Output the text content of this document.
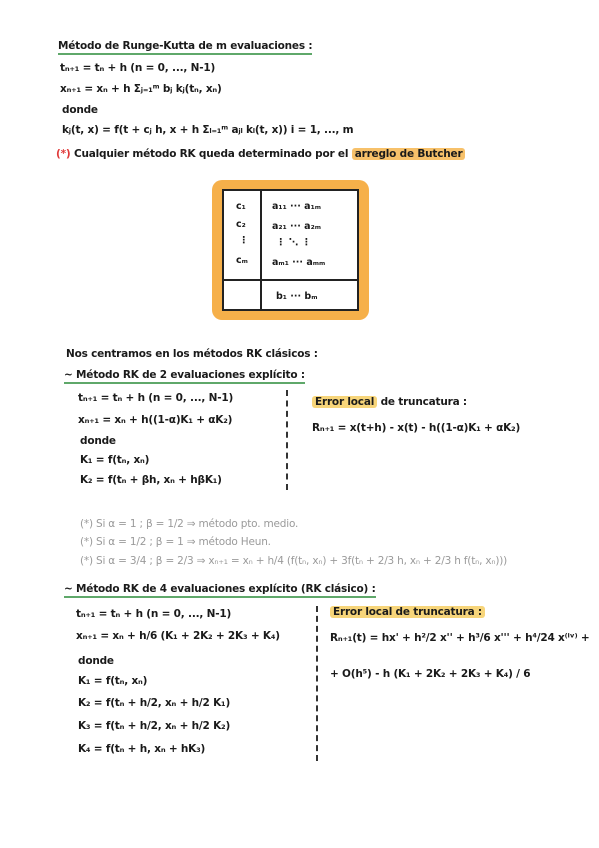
Método de Runge-Kutta de m evaluaciones :
tₙ₊₁ = tₙ + h (n = 0, ..., N-1)
xₙ₊₁ = xₙ + h Σⱼ₌₁ᵐ bⱼ kⱼ(tₙ, xₙ)
donde
kⱼ(t, x) = f(t + cⱼ h, x + h Σₗ₌₁ᵐ aⱼₗ kₗ(t, x)) i = 1, ..., m
(*) Cualquier método RK queda determinado por el arreglo de Butcher
c₁
c₂
⋮
cₘ
a₁₁ ··· a₁ₘ
a₂₁ ··· a₂ₘ
⋮ ⋱ ⋮
aₘ₁ ··· aₘₘ
b₁ ··· bₘ
Nos centramos en los métodos RK clásicos :
~ Método RK de 2 evaluaciones explícito :
tₙ₊₁ = tₙ + h (n = 0, ..., N-1)
xₙ₊₁ = xₙ + h((1-α)K₁ + αK₂)
donde
K₁ = f(tₙ, xₙ)
K₂ = f(tₙ + βh, xₙ + hβK₁)
Error local de truncatura :
Rₙ₊₁ = x(t+h) - x(t) - h((1-α)K₁ + αK₂)
(*) Si α = 1 ; β = 1/2 ⇒ método pto. medio.
(*) Si α = 1/2 ; β = 1 ⇒ método Heun.
(*) Si α = 3/4 ; β = 2/3 ⇒ xₙ₊₁ = xₙ + h/4 (f(tₙ, xₙ) + 3f(tₙ + 2/3 h, xₙ + 2/3 h f(tₙ, xₙ)))
~ Método RK de 4 evaluaciones explícito (RK clásico) :
tₙ₊₁ = tₙ + h (n = 0, ..., N-1)
xₙ₊₁ = xₙ + h/6 (K₁ + 2K₂ + 2K₃ + K₄)
donde
K₁ = f(tₙ, xₙ)
K₂ = f(tₙ + h/2, xₙ + h/2 K₁)
K₃ = f(tₙ + h/2, xₙ + h/2 K₂)
K₄ = f(tₙ + h, xₙ + hK₃)
Error local de truncatura :
Rₙ₊₁(t) = hx' + h²/2 x'' + h³/6 x''' + h⁴/24 x⁽ⁱᵛ⁾ +
+ O(h⁵) - h (K₁ + 2K₂ + 2K₃ + K₄) / 6
